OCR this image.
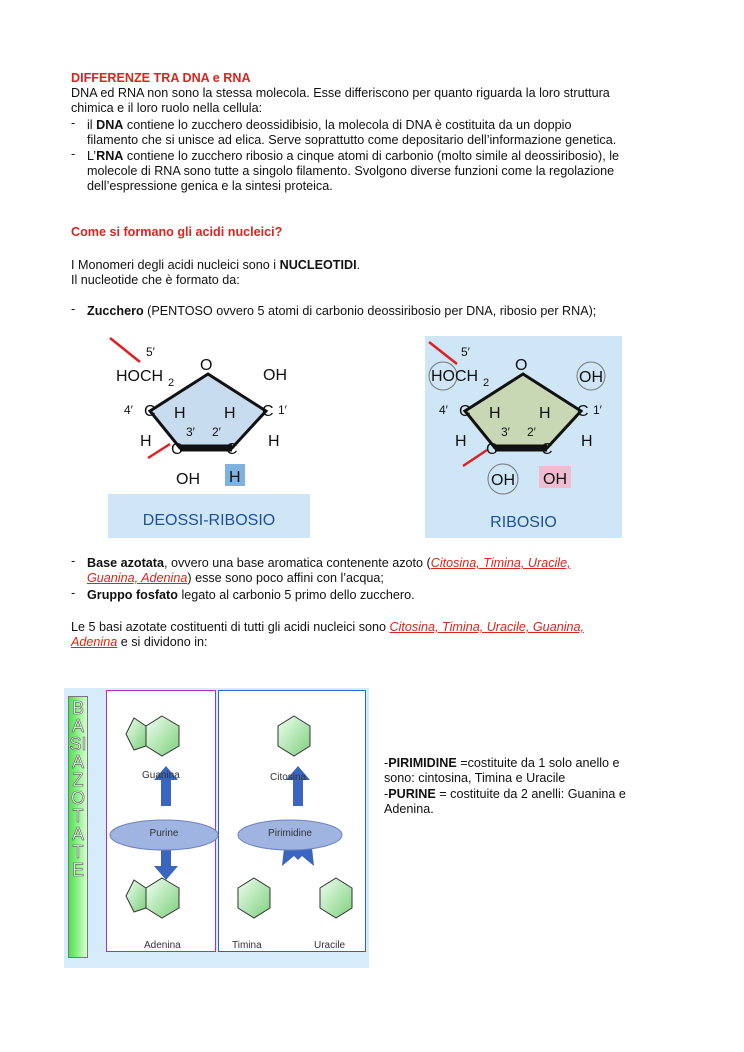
DIFFERENZE TRA DNA e RNA
DNA ed RNA non sono la stessa molecola. Esse differiscono per quanto riguarda la loro struttura
chimica e il loro ruolo nella cellula:
- il DNA contiene lo zucchero deossidibisio, la molecola di DNA è costituita da un doppio
filamento che si unisce ad elica. Serve soprattutto come depositario dell’informazione genetica.
- L’RNA contiene lo zucchero ribosio a cinque atomi di carbonio (molto simile al deossiribosio), le
molecole di RNA sono tutte a singolo filamento. Svolgono diverse funzioni come la regolazione
dell’espressione genica e la sintesi proteica.
Come si formano gli acidi nucleici?
I Monomeri degli acidi nucleici sono i NUCLEOTIDI.
Il nucleotide che è formato da:
- Zucchero (PENTOSO ovvero 5 atomi di carbonio deossiribosio per DNA, ribosio per RNA);
O
HOCH 2	OH
C	C
H H
C	C
H	H
OH H
5′
4′
3′ 2′
1′
DEOSSI-RIBOSIO
O
HOCH 2	OH
C	C
H H
C	C
H	H
OH OH
5′
4′
3′ 2′
1′
RIBOSIO
- Base azotata, ovvero una base aromatica contenente azoto (Citosina, Timina, Uracile,
Guanina, Adenina) esse sono poco affini con l’acqua;
- Gruppo fosfato legato al carbonio 5 primo dello zucchero.
Le 5 basi azotate costituenti di tutti gli acidi nucleici sono Citosina, Timina, Uracile, Guanina,
Adenina e si dividono in:
BASI AZOTATE
Purine	Pirimidine
Guanina
Adenina
Citosina
Timina	Uracile
-PIRIMIDINE =costituite da 1 solo anello e
sono: cintosina, Timina e Uracile
-PURINE = costituite da 2 anelli: Guanina e
Adenina.
